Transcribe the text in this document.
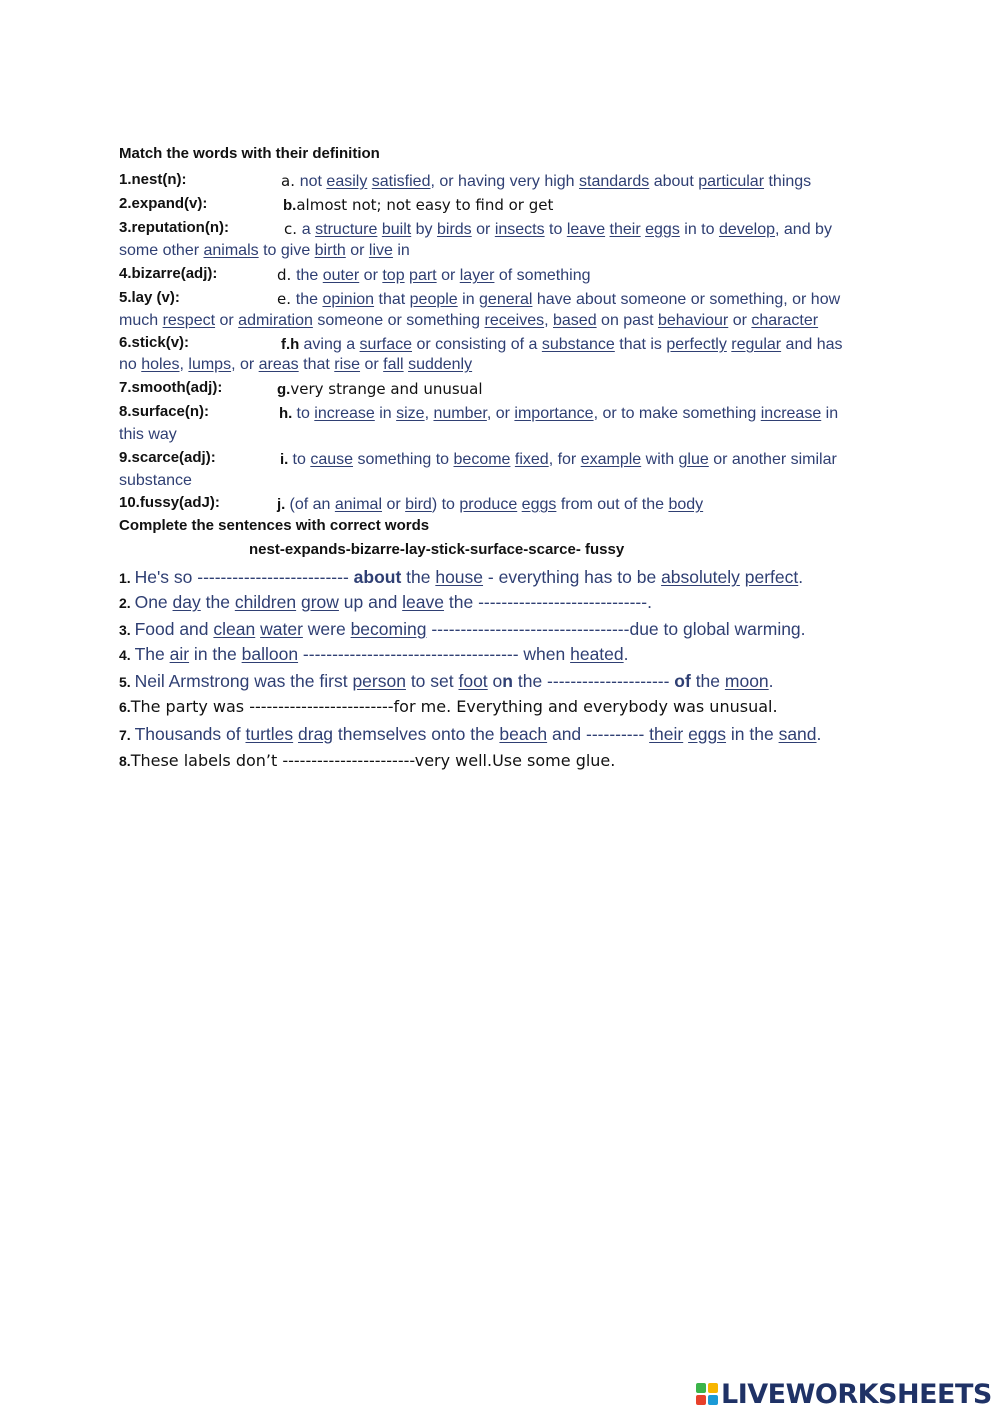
Match the words with their definition
1.nest(n):	a. not easily satisfied, or having very high standards about particular things
2.expand(v):	b.almost not; not easy to find or get
3.reputation(n):	c. a structure built by birds or insects to leave their eggs in to develop, and by
some other animals to give birth or live in
4.bizarre(adj):	d. the outer or top part or layer of something
5.lay (v):	e. the opinion that people in general have about someone or something, or how
much respect or admiration someone or something receives, based on past behaviour or character
6.stick(v):	f.h aving a surface or consisting of a substance that is perfectly regular and has
no holes, lumps, or areas that rise or fall suddenly
7.smooth(adj):	g.very strange and unusual
8.surface(n):	h. to increase in size, number, or importance, or to make something increase in
this way
9.scarce(adj):	i. to cause something to become fixed, for example with glue or another similar
substance
10.fussy(adJ):	j. (of an animal or bird) to produce eggs from out of the body
Complete the sentences with correct words
nest-expands-bizarre-lay-stick-surface-scarce- fussy
1. He's so -------------------------- about the house - everything has to be absolutely perfect.
2. One day the children grow up and leave the -----------------------------.
3. Food and clean water were becoming ----------------------------------due to global warming.
4. The air in the balloon ------------------------------------- when heated.
5. Neil Armstrong was the first person to set foot on the --------------------- of the moon.
6.The party was -------------------------for me. Everything and everybody was unusual.
7. Thousands of turtles drag themselves onto the beach and ---------- their eggs in the sand.
8.These labels don’t -----------------------very well.Use some glue.
LIVEWORKSHEETS
